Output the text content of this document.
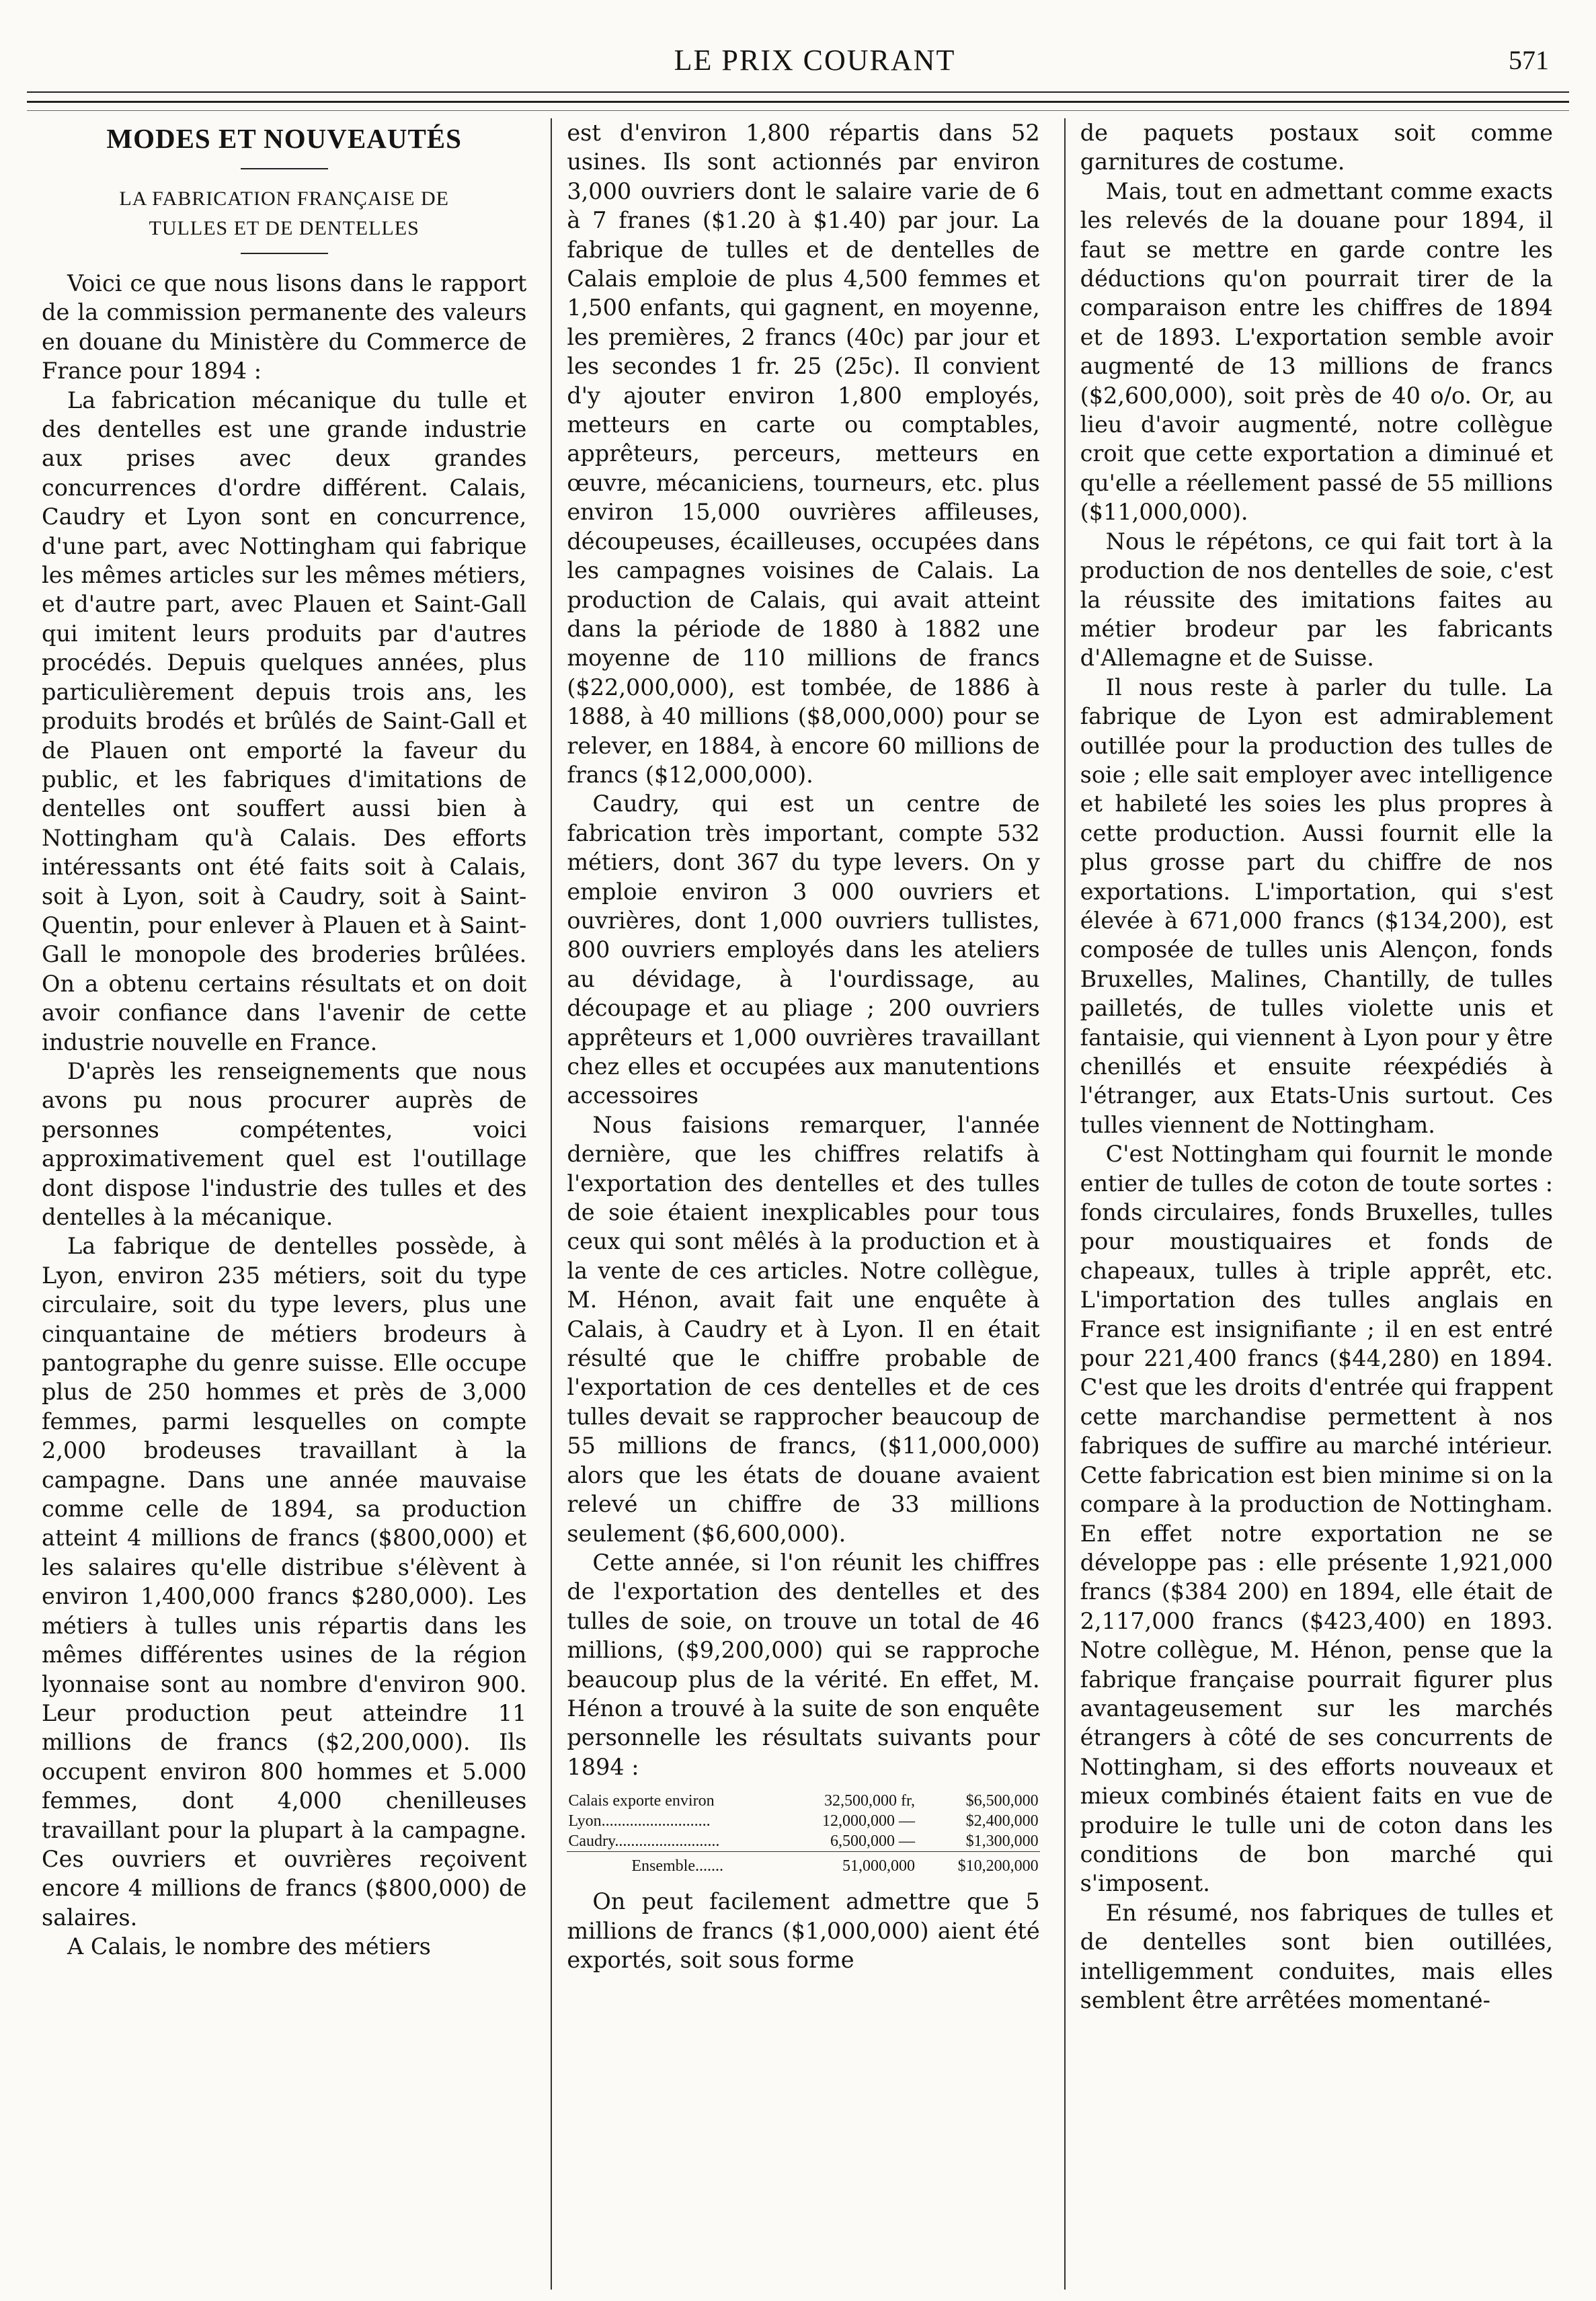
LE PRIX COURANT	571
MODES ET NOUVEAUTÉS
LA FABRICATION FRANÇAISE DE
TULLES ET DE DENTELLES

Voici ce que nous lisons dans le rapport de la commission permanente des valeurs en douane du Ministère du Commerce de France pour 1894 :

La fabrication mécanique du tulle et des dentelles est une grande industrie aux prises avec deux grandes concurrences d'ordre différent. Calais, Caudry et Lyon sont en concurrence, d'une part, avec Nottingham qui fabrique les mêmes articles sur les mêmes métiers, et d'autre part, avec Plauen et Saint-Gall qui imitent leurs produits par d'autres procédés. Depuis quelques années, plus particulièrement depuis trois ans, les produits brodés et brûlés de Saint-Gall et de Plauen ont emporté la faveur du public, et les fabriques d'imitations de dentelles ont souffert aussi bien à Nottingham qu'à Calais. Des efforts intéressants ont été faits soit à Calais, soit à Lyon, soit à Caudry, soit à Saint-Quentin, pour enlever à Plauen et à Saint-Gall le monopole des broderies brûlées. On a obtenu certains résultats et on doit avoir confiance dans l'avenir de cette industrie nouvelle en France.

D'après les renseignements que nous avons pu nous procurer auprès de personnes compétentes, voici approximativement quel est l'outillage dont dispose l'industrie des tulles et des dentelles à la mécanique.

La fabrique de dentelles possède, à Lyon, environ 235 métiers, soit du type circulaire, soit du type levers, plus une cinquantaine de métiers brodeurs à pantographe du genre suisse. Elle occupe plus de 250 hommes et près de 3,000 femmes, parmi lesquelles on compte 2,000 brodeuses travaillant à la campagne. Dans une année mauvaise comme celle de 1894, sa production atteint 4 millions de francs ($800,000) et les salaires qu'elle distribue s'élèvent à environ 1,400,000 francs $280,000). Les métiers à tulles unis répartis dans les mêmes différentes usines de la région lyonnaise sont au nombre d'environ 900. Leur production peut atteindre 11 millions de francs ($2,200,000). Ils occupent environ 800 hommes et 5.000 femmes, dont 4,000 chenilleuses travaillant pour la plupart à la campagne. Ces ouvriers et ouvrières reçoivent encore 4 millions de francs ($800,000) de salaires.

A Calais, le nombre des métiers

est d'environ 1,800 répartis dans 52 usines. Ils sont actionnés par environ 3,000 ouvriers dont le salaire varie de 6 à 7 franes ($1.20 à $1.40) par jour. La fabrique de tulles et de dentelles de Calais emploie de plus 4,500 femmes et 1,500 enfants, qui gagnent, en moyenne, les premières, 2 francs (40c) par jour et les secondes 1 fr. 25 (25c). Il convient d'y ajouter environ 1,800 employés, metteurs en carte ou comptables, apprêteurs, perceurs, metteurs en œuvre, mécaniciens, tourneurs, etc. plus environ 15,000 ouvrières affileuses, découpeuses, écailleuses, occupées dans les campagnes voisines de Calais. La production de Calais, qui avait atteint dans la période de 1880 à 1882 une moyenne de 110 millions de francs ($22,000,000), est tombée, de 1886 à 1888, à 40 millions ($8,000,000) pour se relever, en 1884, à encore 60 millions de francs ($12,000,000).

Caudry, qui est un centre de fabrication très important, compte 532 métiers, dont 367 du type levers. On y emploie environ 3 000 ouvriers et ouvrières, dont 1,000 ouvriers tullistes, 800 ouvriers employés dans les ateliers au dévidage, à l'ourdissage, au découpage et au pliage ; 200 ouvriers apprêteurs et 1,000 ouvrières travaillant chez elles et occupées aux manutentions accessoires

Nous faisions remarquer, l'année dernière, que les chiffres relatifs à l'exportation des dentelles et des tulles de soie étaient inexplicables pour tous ceux qui sont mêlés à la production et à la vente de ces articles. Notre collègue, M. Hénon, avait fait une enquête à Calais, à Caudry et à Lyon. Il en était résulté que le chiffre probable de l'exportation de ces dentelles et de ces tulles devait se rapprocher beaucoup de 55 millions de francs, ($11,000,000) alors que les états de douane avaient relevé un chiffre de 33 millions seulement ($6,600,000).

Cette année, si l'on réunit les chiffres de l'exportation des dentelles et des tulles de soie, on trouve un total de 46 millions, ($9,200,000) qui se rapproche beaucoup plus de la vérité. En effet, M. Hénon a trouvé à la suite de son enquête personnelle les résultats suivants pour 1894 :

Calais exporte environ	32,500,000 fr,	$6,500,000
Lyon...........................	12,000,000 —	$2,400,000
Caudry..........................	6,500,000 —	$1,300,000

Ensemble.......	51,000,000	$10,200,000

On peut facilement admettre que 5 millions de francs ($1,000,000) aient été exportés, soit sous forme

de paquets postaux soit comme garnitures de costume.

Mais, tout en admettant comme exacts les relevés de la douane pour 1894, il faut se mettre en garde contre les déductions qu'on pourrait tirer de la comparaison entre les chiffres de 1894 et de 1893. L'exportation semble avoir augmenté de 13 millions de francs ($2,600,000), soit près de 40 o/o. Or, au lieu d'avoir augmenté, notre collègue croit que cette exportation a diminué et qu'elle a réellement passé de 55 millions ($11,000,000).

Nous le répétons, ce qui fait tort à la production de nos dentelles de soie, c'est la réussite des imitations faites au métier brodeur par les fabricants d'Allemagne et de Suisse.

Il nous reste à parler du tulle. La fabrique de Lyon est admirablement outillée pour la production des tulles de soie ; elle sait employer avec intelligence et habileté les soies les plus propres à cette production. Aussi fournit elle la plus grosse part du chiffre de nos exportations. L'importation, qui s'est élevée à 671,000 francs ($134,200), est composée de tulles unis Alençon, fonds Bruxelles, Malines, Chantilly, de tulles pailletés, de tulles violette unis et fantaisie, qui viennent à Lyon pour y être chenillés et ensuite réexpédiés à l'étranger, aux Etats-Unis surtout. Ces tulles viennent de Nottingham.

C'est Nottingham qui fournit le monde entier de tulles de coton de toute sortes : fonds circulaires, fonds Bruxelles, tulles pour moustiquaires et fonds de chapeaux, tulles à triple apprêt, etc. L'importation des tulles anglais en France est insignifiante ; il en est entré pour 221,400 francs ($44,280) en 1894. C'est que les droits d'entrée qui frappent cette marchandise permettent à nos fabriques de suffire au marché intérieur. Cette fabrication est bien minime si on la compare à la production de Nottingham. En effet notre exportation ne se développe pas : elle présente 1,921,000 francs ($384 200) en 1894, elle était de 2,117,000 francs ($423,400) en 1893. Notre collègue, M. Hénon, pense que la fabrique française pourrait figurer plus avantageusement sur les marchés étrangers à côté de ses concurrents de Nottingham, si des efforts nouveaux et mieux combinés étaient faits en vue de produire le tulle uni de coton dans les conditions de bon marché qui s'imposent.

En résumé, nos fabriques de tulles et de dentelles sont bien outillées, intelligemment conduites, mais elles semblent être arrêtées momentané-
